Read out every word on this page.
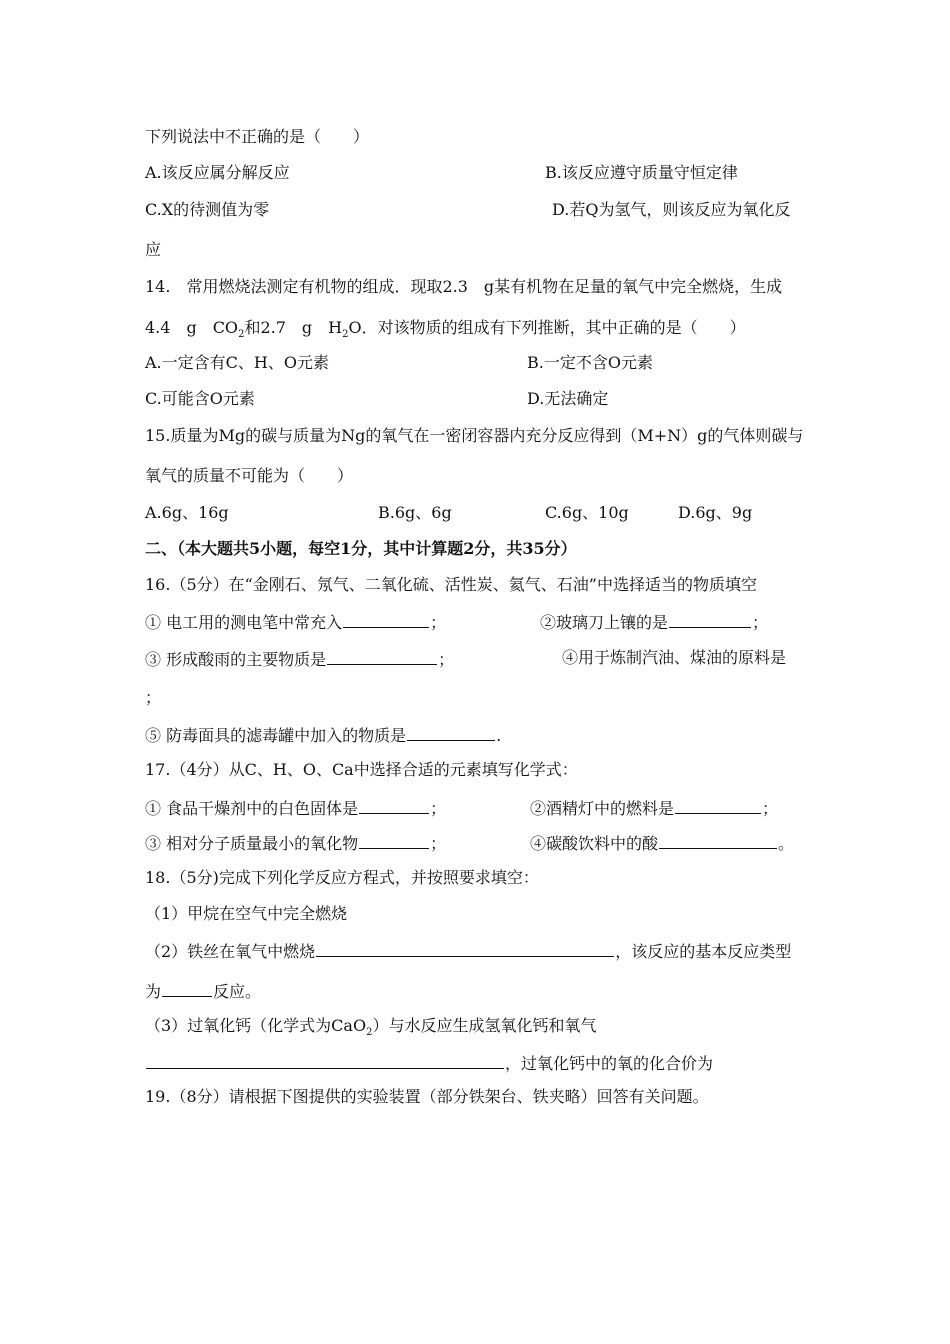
下列说法中不正确的是（　　）
A.该反应属分解反应	B.该反应遵守质量守恒定律
C.X的待测值为零	D.若Q为氢气，则该反应为氧化反
应
14.　常用燃烧法测定有机物的组成．现取2.3　g某有机物在足量的氧气中完全燃烧，生成
4.4　g　$CO_2$和2.7　g　$H_2O$．对该物质的组成有下列推断，其中正确的是（　　）
A.一定含有C、H、O元素	B.一定不含O元素
C.可能含O元素	D.无法确定
15.质量为Mg的碳与质量为Ng的氧气在一密闭容器内充分反应得到（M+N）g的气体则碳与
氧气的质量不可能为（　　）
A.6g、16g	B.6g、6g	C.6g、10g	D.6g、9g
二、（本大题共5小题，每空1分，其中计算题2分，共35分）
16.（5分）在“金刚石、氖气、二氧化硫、活性炭、氦气、石油”中选择适当的物质填空
① 电工用的测电笔中常充入	；	②玻璃刀上镶的是	；
③ 形成酸雨的主要物质是	；	④用于炼制汽油、煤油的原料是
；
⑤ 防毒面具的滤毒罐中加入的物质是	.
17.（4分）从C、H、O、Ca中选择合适的元素填写化学式：
① 食品干燥剂中的白色固体是	；	②酒精灯中的燃料是	；
③ 相对分子质量最小的氧化物	；	④碳酸饮料中的酸	。
18.（5分)完成下列化学反应方程式，并按照要求填空：
（1）甲烷在空气中完全燃烧
（2）铁丝在氧气中燃烧	，该反应的基本反应类型
为	反应。
（3）过氧化钙（化学式为CaO$_2$）与水反应生成氢氧化钙和氧气
，过氧化钙中的氧的化合价为
19.（8分）请根据下图提供的实验装置（部分铁架台、铁夹略）回答有关问题。
